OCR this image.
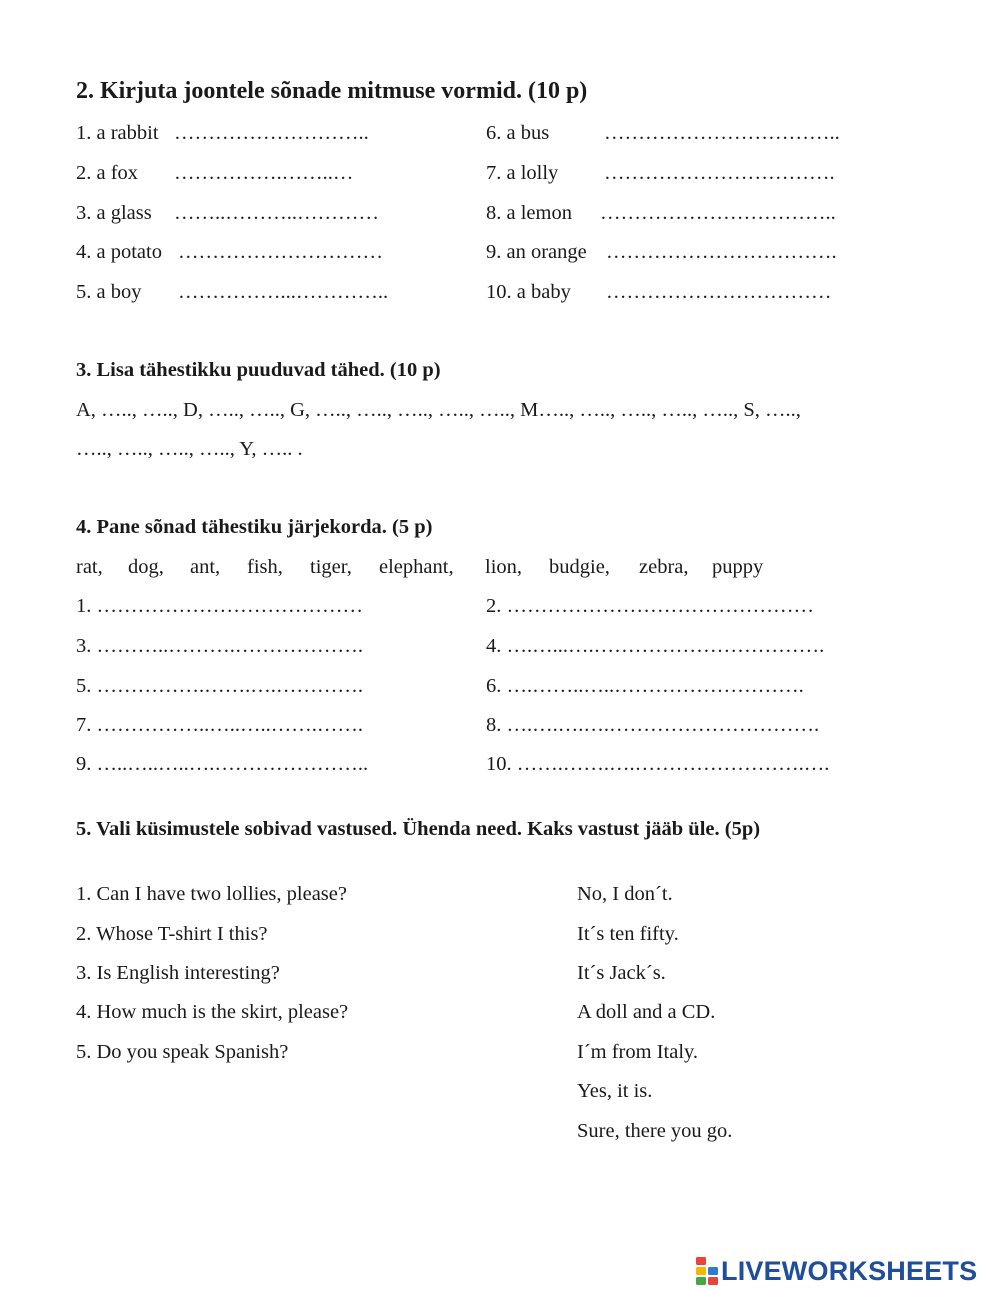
2. Kirjuta joontele sõnade mitmuse vormid. (10 p)
1. a rabbit ………………………..
2. a fox …………….……..…
3. a glass ……..………..…………
4. a potato …………………………
5. a boy ……………...…………..
6. a bus	……………………………..
7. a lolly …………………………….
8. a lemon ……………………………..
9. an orange …………………………….
10. a baby ……………………………
3. Lisa tähestikku puuduvad tähed. (10 p)
A, ….., ….., D, ….., ….., G, ….., ….., ….., ….., ….., M….., ….., ….., ….., ….., S, …..,
….., ….., ….., ….., Y, ….. .
4. Pane sõnad tähestiku järjekorda. (5 p)
rat, dog, ant, fish, tiger, elephant, lion, budgie, zebra, puppy
1. …………………………………
3. ………..……….……………….
5. …………….…….….………….
7. ……………..…..…..…….…….
9. …..…..…..….…………………..
2. ………………………………………
4. ….…...….…………………………….
6. ….……..…..……………………….
8. ….….….….………………………….
10. …….…….….…………………….….
5. Vali küsimustele sobivad vastused. Ühenda need. Kaks vastust jääb üle. (5p)
1. Can I have two lollies, please?
2. Whose T-shirt I this?
3. Is English interesting?
4. How much is the skirt, please?
5. Do you speak Spanish?
No, I don´t.
It´s ten fifty.
It´s Jack´s.
A doll and a CD.
I´m from Italy.
Yes, it is.
Sure, there you go.
LIVEWORKSHEETS
